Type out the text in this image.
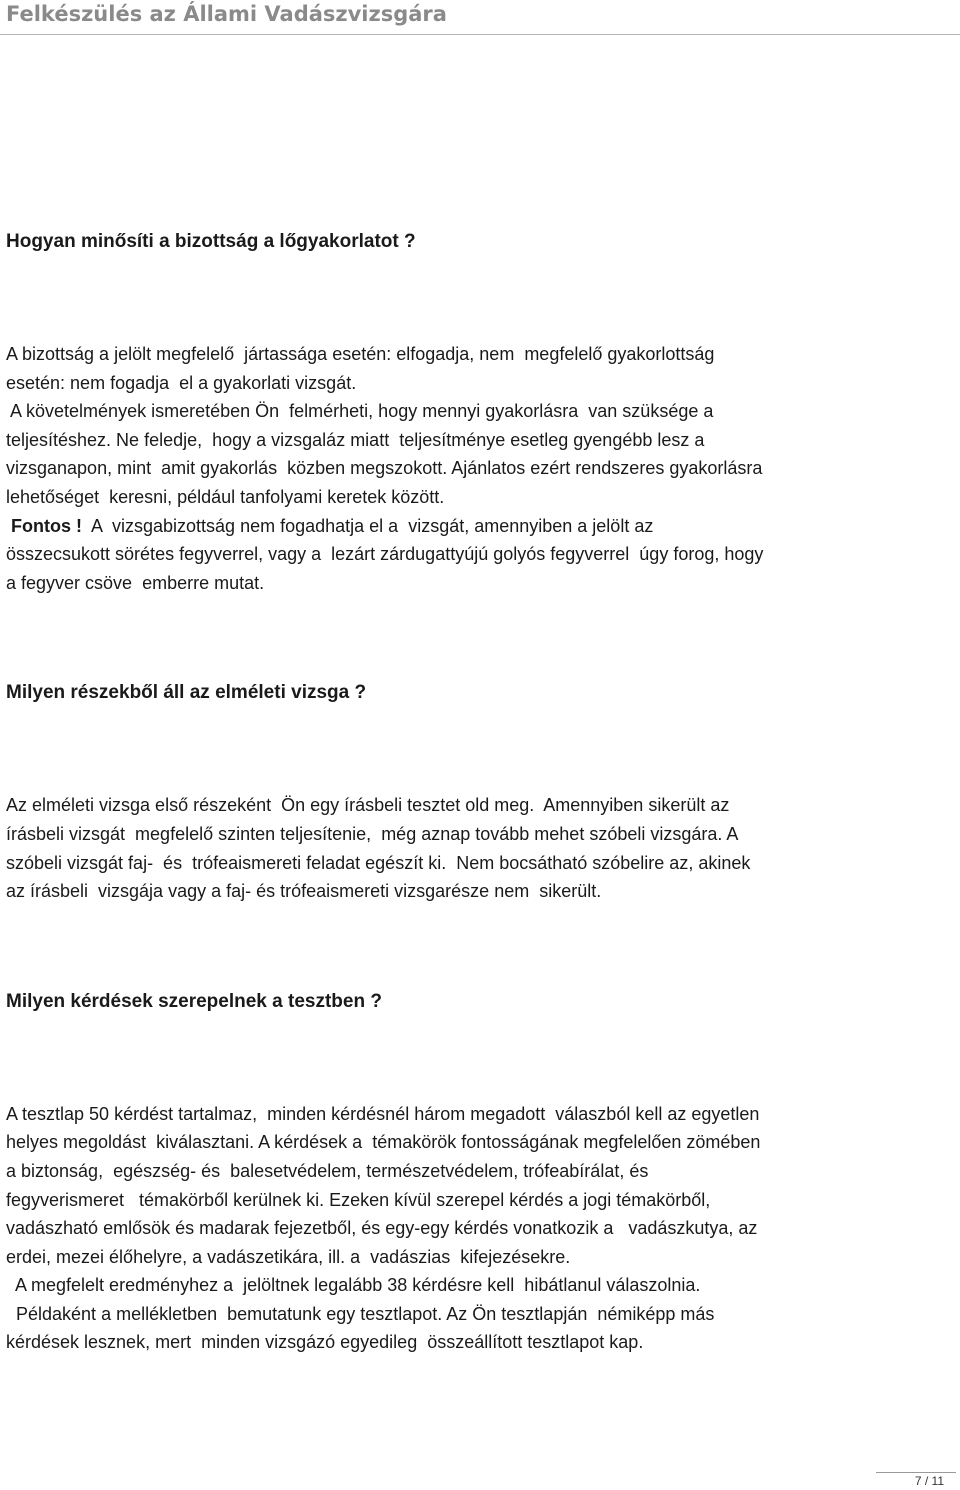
Felkészülés az Állami Vadászvizsgára

Hogyan minősíti a bizottság a lőgyakorlatot ?

A bizottság a jelölt megfelelő  jártassága esetén: elfogadja, nem  megfelelő gyakorlottság
esetén: nem fogadja  el a gyakorlati vizsgát.
A követelmények ismeretében Ön  felmérheti, hogy mennyi gyakorlásra  van szüksége a
teljesítéshez. Ne feledje,  hogy a vizsgaláz miatt  teljesítménye esetleg gyengébb lesz a
vizsganapon, mint  amit gyakorlás  közben megszokott. Ajánlatos ezért rendszeres gyakorlásra
lehetőséget  keresni, például tanfolyami keretek között.
Fontos !  A  vizsgabizottság nem fogadhatja el a  vizsgát, amennyiben a jelölt az
összecsukott sörétes fegyverrel, vagy a  lezárt zárdugattyújú golyós fegyverrel  úgy forog, hogy
a fegyver csöve  emberre mutat.

Milyen részekből áll az elméleti vizsga ?

Az elméleti vizsga első részeként  Ön egy írásbeli tesztet old meg.  Amennyiben sikerült az
írásbeli vizsgát  megfelelő szinten teljesítenie,  még aznap tovább mehet szóbeli vizsgára. A
szóbeli vizsgát faj-  és  trófeaismereti feladat egészít ki.  Nem bocsátható szóbelire az, akinek
az írásbeli  vizsgája vagy a faj- és trófeaismereti vizsgarésze nem  sikerült.

Milyen kérdések szerepelnek a tesztben ?

A tesztlap 50 kérdést tartalmaz,  minden kérdésnél három megadott  válaszból kell az egyetlen
helyes megoldást  kiválasztani. A kérdések a  témakörök fontosságának megfelelően zömében
a biztonság,  egészség- és  balesetvédelem, természetvédelem, trófeabírálat, és
fegyverismeret   témakörből kerülnek ki. Ezeken kívül szerepel kérdés a jogi témakörből,
vadászható emlősök és madarak fejezetből, és egy-egy kérdés vonatkozik a   vadászkutya, az
erdei, mezei élőhelyre, a vadászetikára, ill. a  vadászias  kifejezésekre.
A megfelelt eredményhez a  jelöltnek legalább 38 kérdésre kell  hibátlanul válaszolnia.
Példaként a mellékletben  bemutatunk egy tesztlapot. Az Ön tesztlapján  némiképp más
kérdések lesznek, mert  minden vizsgázó egyedileg  összeállított tesztlapot kap.
7 / 11
